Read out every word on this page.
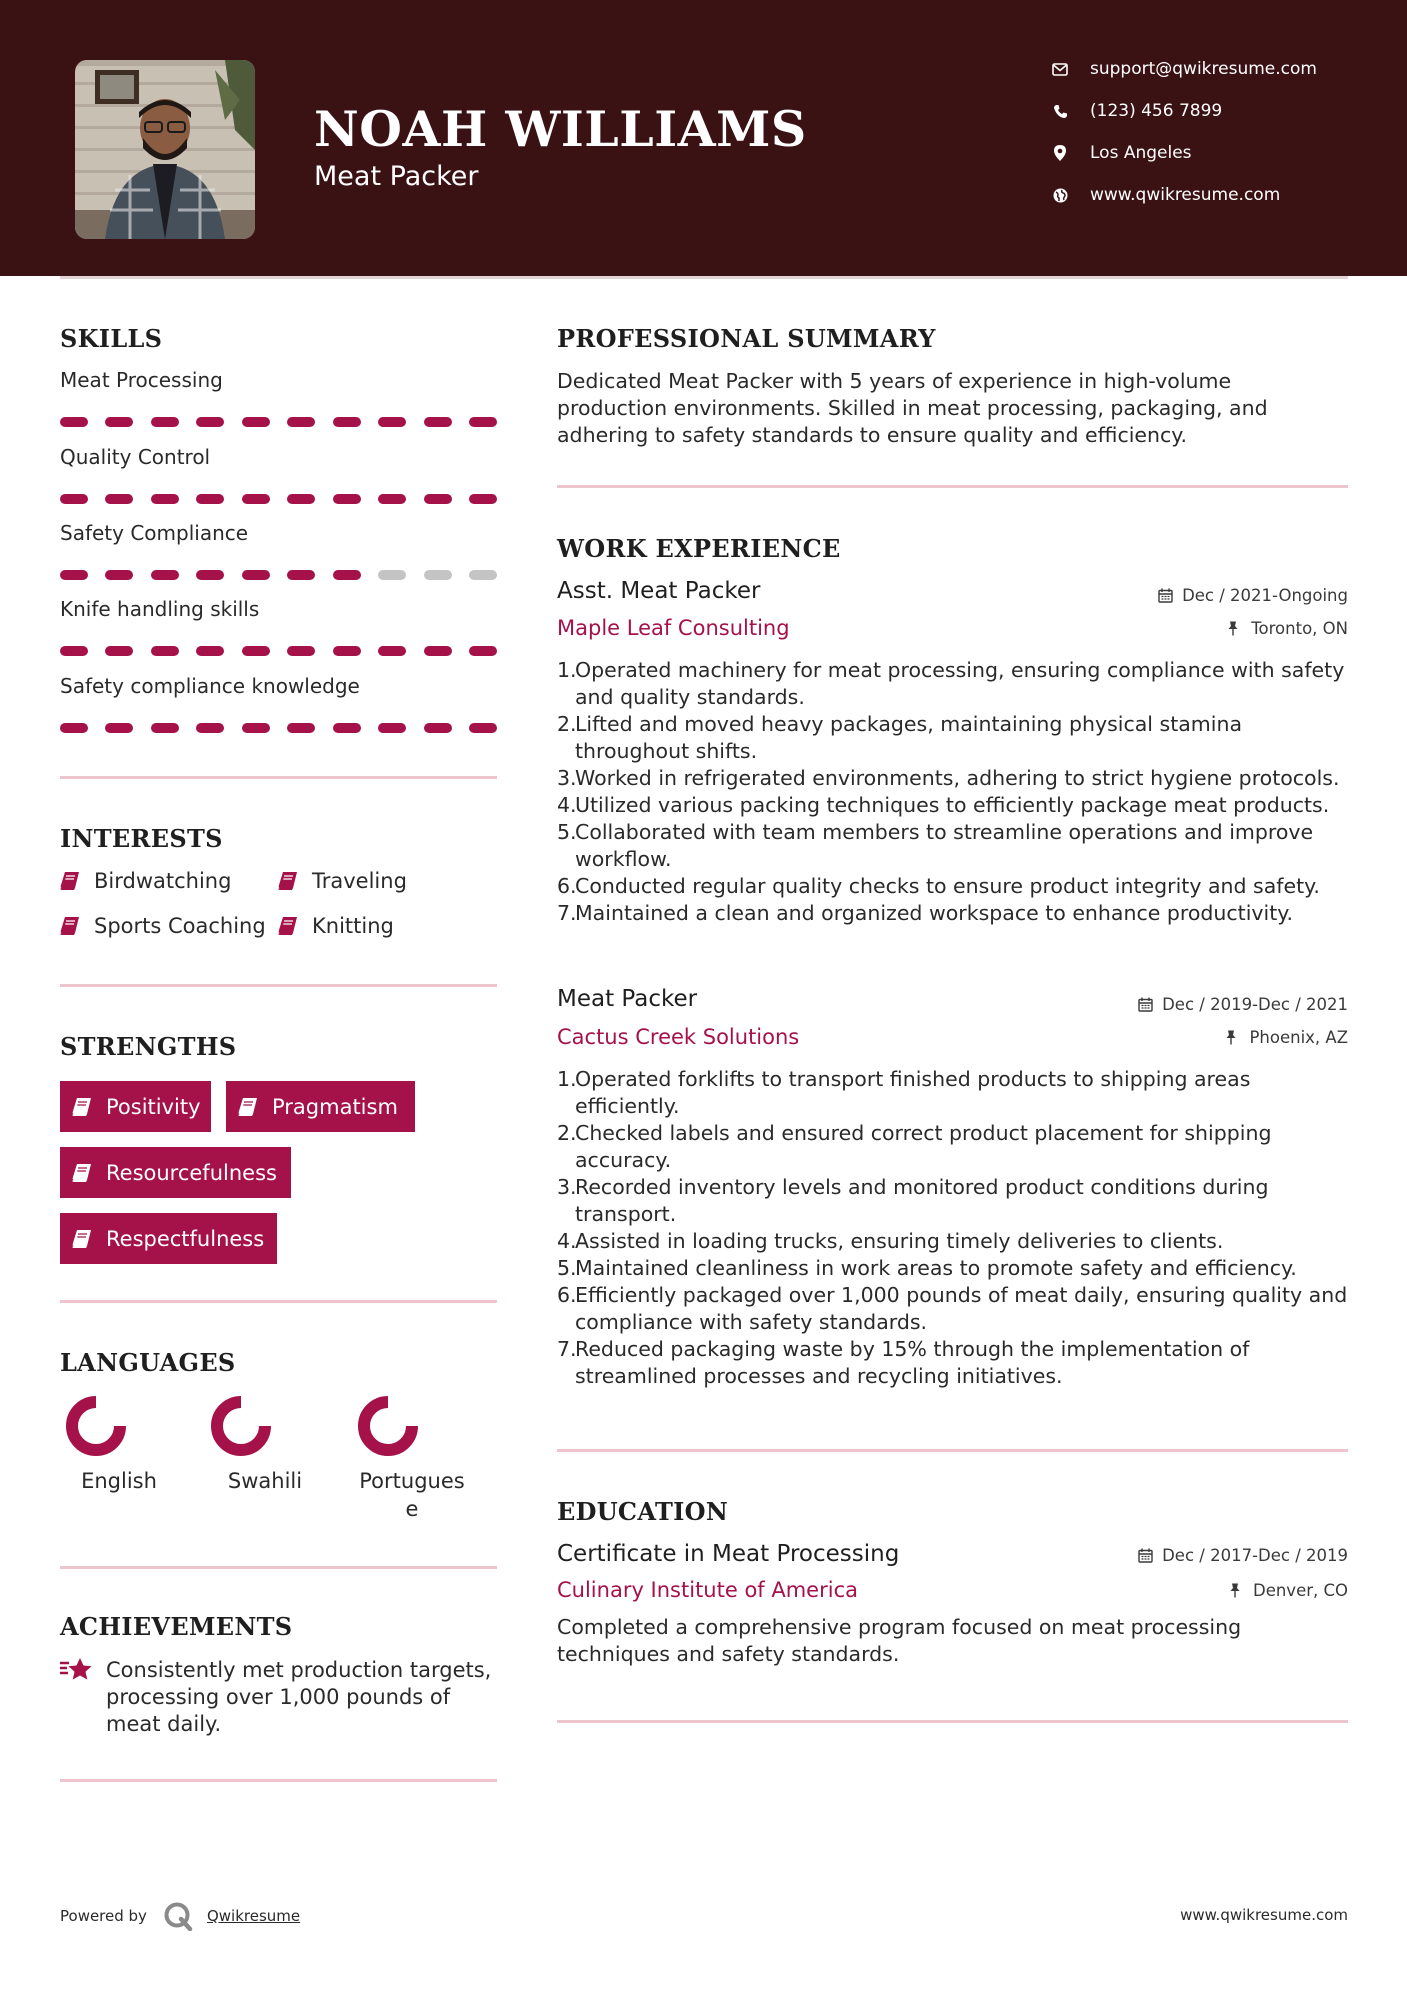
NOAH WILLIAMS
Meat Packer
support@qwikresume.com
(123) 456 7899
Los Angeles
www.qwikresume.com
SKILLS
Meat Processing
Quality Control
Safety Compliance
Knife handling skills
Safety compliance knowledge
INTERESTS
Birdwatching	Traveling
Sports Coaching Knitting
STRENGTHS
Positivity	Pragmatism
Resourcefulness
Respectfulness
LANGUAGES
English	Swahili	Portugues e
ACHIEVEMENTS
Consistently met production targets, processing over 1,000 pounds of meat daily.
PROFESSIONAL SUMMARY
Dedicated Meat Packer with 5 years of experience in high-volume production environments. Skilled in meat processing, packaging, and adhering to safety standards to ensure quality and efficiency.
WORK EXPERIENCE
Asst. Meat Packer	Dec / 2021-Ongoing
Maple Leaf Consulting	Toronto, ON
1.
Operated machinery for meat processing, ensuring compliance with safety and quality standards.
2.
Lifted and moved heavy packages, maintaining physical stamina throughout shifts.
3.
Worked in refrigerated environments, adhering to strict hygiene protocols.
4.
Utilized various packing techniques to efficiently package meat products.
5.
Collaborated with team members to streamline operations and improve workflow.
6.
Conducted regular quality checks to ensure product integrity and safety.
7.
Maintained a clean and organized workspace to enhance productivity.
Meat Packer	Dec / 2019-Dec / 2021
Cactus Creek Solutions	Phoenix, AZ
1.
Operated forklifts to transport finished products to shipping areas efficiently.
2.
Checked labels and ensured correct product placement for shipping accuracy.
3.
Recorded inventory levels and monitored product conditions during transport.
4.
Assisted in loading trucks, ensuring timely deliveries to clients.
5.
Maintained cleanliness in work areas to promote safety and efficiency.
6.
Efficiently packaged over 1,000 pounds of meat daily, ensuring quality and compliance with safety standards.
7.
Reduced packaging waste by 15% through the implementation of streamlined processes and recycling initiatives.
EDUCATION
Certificate in Meat Processing	Dec / 2017-Dec / 2019
Culinary Institute of America	Denver, CO
Completed a comprehensive program focused on meat processing techniques and safety standards.
Powered by	Qwikresume	www.qwikresume.com
